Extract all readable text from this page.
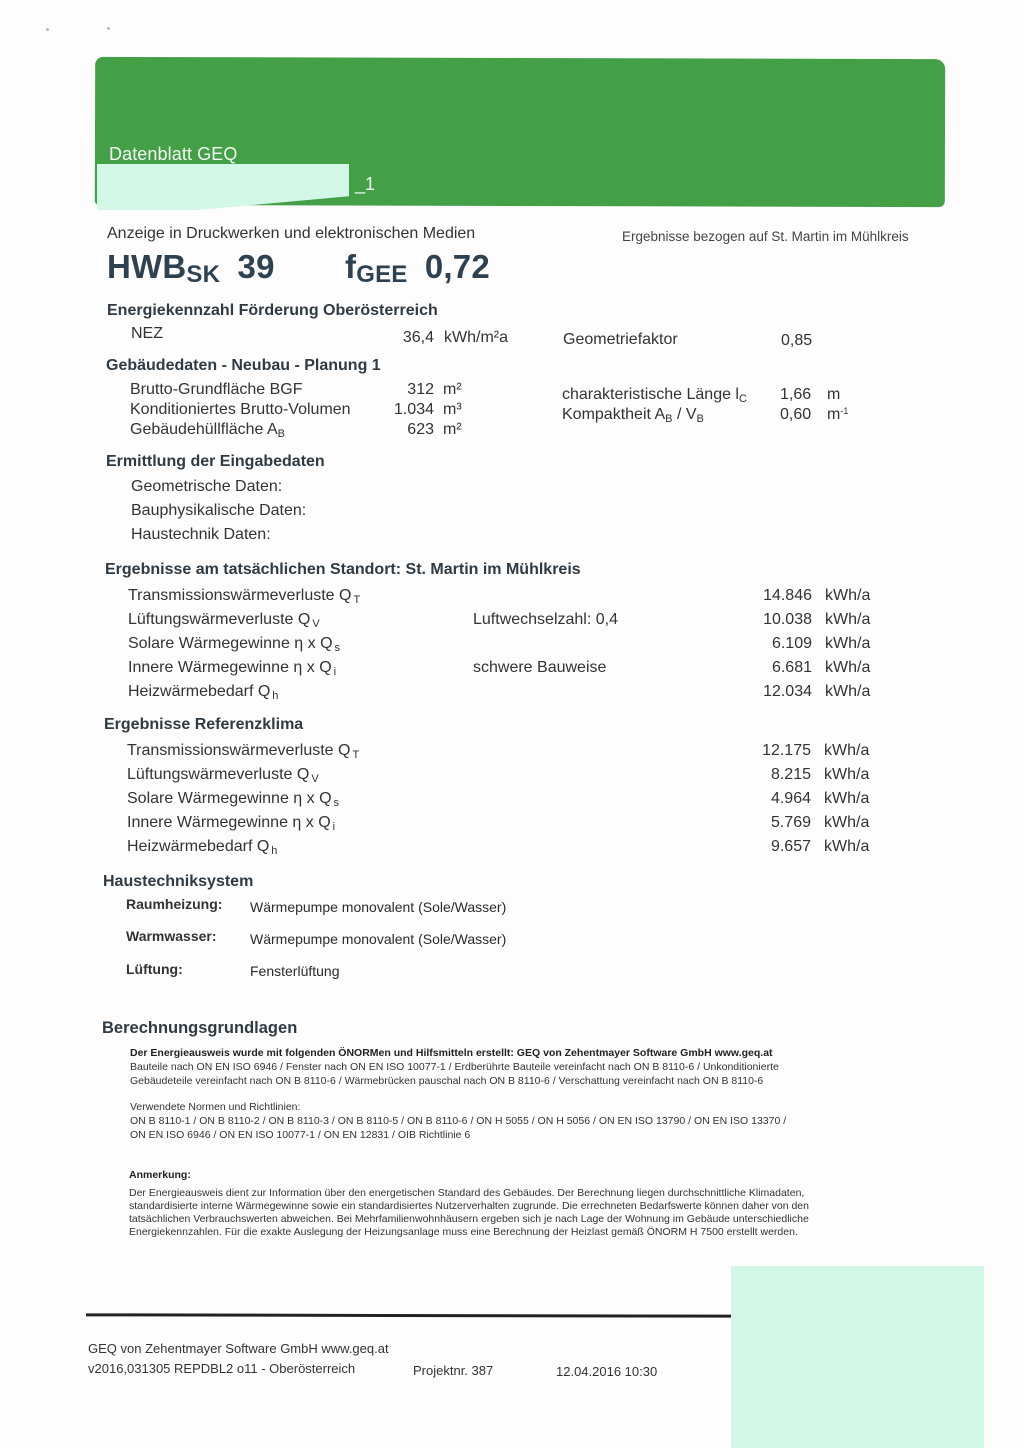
Datenblatt GEQ
_1
Anzeige in Druckwerken und elektronischen Medien	Ergebnisse bezogen auf St. Martin im Mühlkreis
$HWB_{SK}$ 39 $f_{GEE}$ 0,72
Energiekennzahl Förderung Oberösterreich
NEZ	36,4 kWh/m²a	Geometriefaktor	0,85
Gebäudedaten - Neubau - Planung 1
Brutto-Grundfläche BGF	312 m²
Konditioniertes Brutto-Volumen	1.034 m³
Gebäudehüllfläche AB	623 m²
charakteristische Länge lC 1,66 m
Kompaktheit AB / VB	0,60 $m^{-1}$
Ermittlung der Eingabedaten
Geometrische Daten:
Bauphysikalische Daten:
Haustechnik Daten:
Ergebnisse am tatsächlichen Standort: St. Martin im Mühlkreis
Transmissionswärmeverluste Q T	14.846 kWh/a
Lüftungswärmeverluste Q V	Luftwechselzahl: 0,4	10.038 kWh/a
Solare Wärmegewinne η x Q s	6.109 kWh/a
Innere Wärmegewinne η x Q i	schwere Bauweise	6.681 kWh/a
Heizwärmebedarf Q h	12.034 kWh/a
Ergebnisse Referenzklima
Transmissionswärmeverluste Q T	12.175 kWh/a
Lüftungswärmeverluste Q V	8.215 kWh/a
Solare Wärmegewinne η x Q s	4.964 kWh/a
Innere Wärmegewinne η x Q i	5.769 kWh/a
Heizwärmebedarf Q h	9.657 kWh/a
Haustechniksystem
Raumheizung: Wärmepumpe monovalent (Sole/Wasser)
Warmwasser: Wärmepumpe monovalent (Sole/Wasser)
Lüftung:	Fensterlüftung
Berechnungsgrundlagen
Der Energieausweis wurde mit folgenden ÖNORMen und Hilfsmitteln erstellt: GEQ von Zehentmayer Software GmbH www.geq.at
Bauteile nach ON EN ISO 6946 / Fenster nach ON EN ISO 10077-1 / Erdberührte Bauteile vereinfacht nach ON B 8110-6 / Unkonditionierte
Gebäudeteile vereinfacht nach ON B 8110-6 / Wärmebrücken pauschal nach ON B 8110-6 / Verschattung vereinfacht nach ON B 8110-6
Verwendete Normen und Richtlinien:
ON B 8110-1 / ON B 8110-2 / ON B 8110-3 / ON B 8110-5 / ON B 8110-6 / ON H 5055 / ON H 5056 / ON EN ISO 13790 / ON EN ISO 13370 /
ON EN ISO 6946 / ON EN ISO 10077-1 / ON EN 12831 / OIB Richtlinie 6
Anmerkung:
Der Energieausweis dient zur Information über den energetischen Standard des Gebäudes. Der Berechnung liegen durchschnittliche Klimadaten,
standardisierte interne Wärmegewinne sowie ein standardisiertes Nutzerverhalten zugrunde. Die errechneten Bedarfswerte können daher von den
tatsächlichen Verbrauchswerten abweichen. Bei Mehrfamilienwohnhäusern ergeben sich je nach Lage der Wohnung im Gebäude unterschiedliche
Energiekennzahlen. Für die exakte Auslegung der Heizungsanlage muss eine Berechnung der Heizlast gemäß ÖNORM H 7500 erstellt werden.
GEQ von Zehentmayer Software GmbH www.geq.at
v2016,031305 REPDBL2 o11 - Oberösterreich	Projektnr. 387	12.04.2016 10:30
